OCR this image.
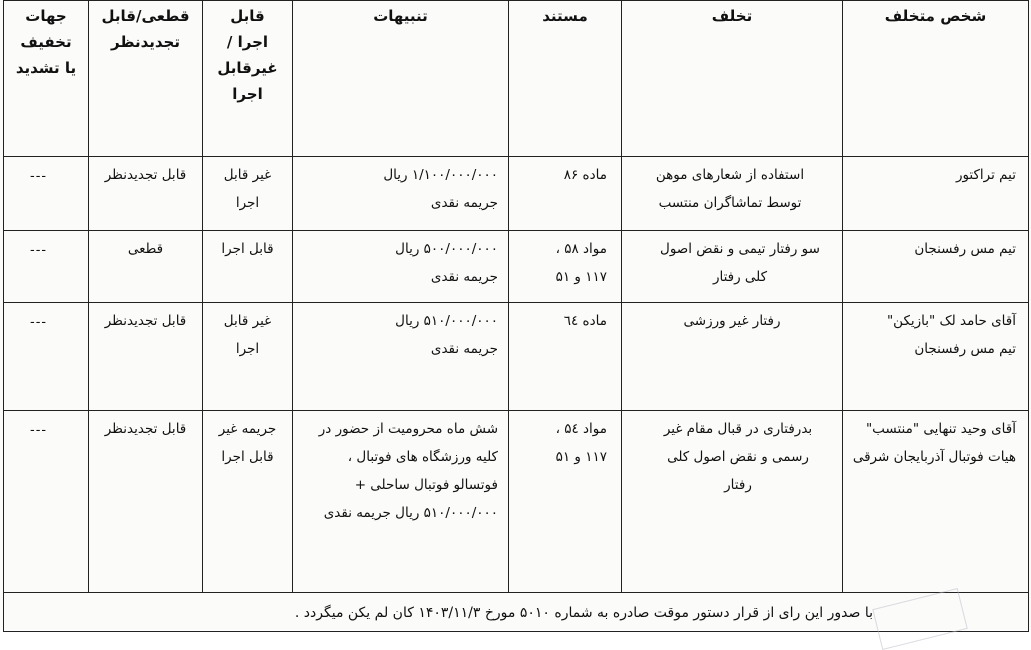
شخص متخلف	تخلف	مستند	تنبیهات	قابل اجرا /غیرقابل اجرا	قطعی/قابل تجدیدنظر	جهات تخفیف یا تشدید

تیم تراکتور	استفاده از شعارهای موهن توسط تماشاگران منتسب	ماده ۸۶	۱/۱۰۰/۰۰۰/۰۰۰ ریال جریمه نقدی	غیر قابل اجرا	قابل تجدیدنظر	---

تیم مس رفسنجان	سو رفتار تیمی و نقض اصول کلی رفتار	مواد ۵۸ ، ۱۱۷ و ۵۱	۵۰۰/۰۰۰/۰۰۰ ریال جریمه نقدی	قابل اجرا	قطعی	---

آقای حامد لک "بازیکن" تیم مس رفسنجان	رفتار غیر ورزشی	ماده ٦٤	۵۱۰/۰۰۰/۰۰۰ ریال جریمه نقدی	غیر قابل اجرا	قابل تجدیدنظر	---

آقای وحید تنهایی "منتسب" هیات فوتبال آذربایجان شرقی	بدرفتاری در قبال مقام غیر رسمی و نقض اصول کلی رفتار	مواد ۵٤ ، ۱۱۷ و ۵۱	شش ماه محرومیت از حضور در کلیه ورزشگاه های فوتبال ، فوتسالو فوتبال ساحلی + ۵۱۰/۰۰۰/۰۰۰ ریال جریمه نقدی	جریمه غیر قابل اجرا	قابل تجدیدنظر	---

با صدور این رای از قرار دستور موقت صادره به شماره ۵۰۱۰ مورخ ۱۴۰۳/۱۱/۳ کان لم یکن میگردد .						
